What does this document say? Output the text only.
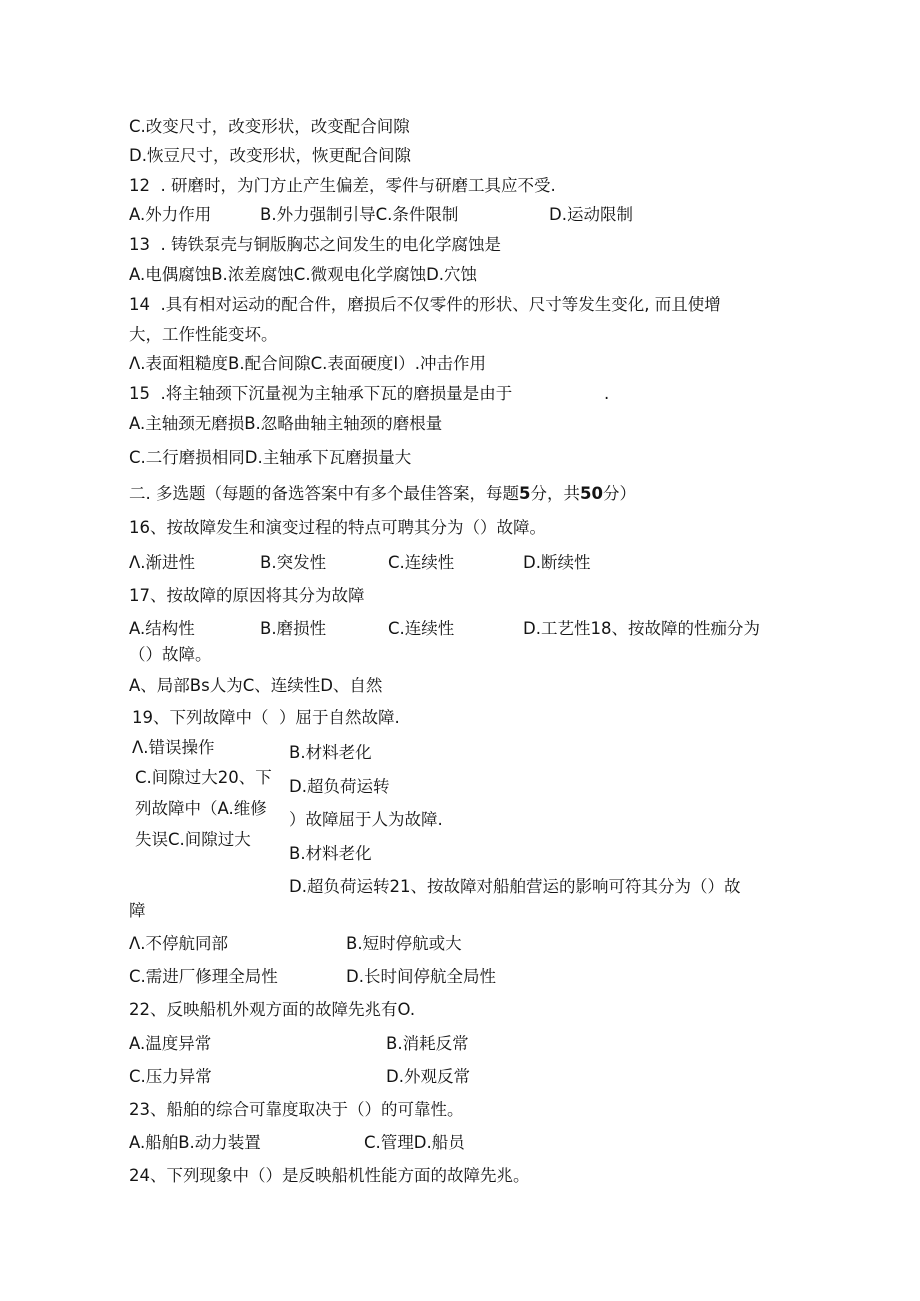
C.改变尺寸，改变形状，改变配合间隙
D.恢豆尺寸，改变形状，恢更配合间隙
12  . 研磨时，为门方止产生偏差，零件与研磨工具应不受.
A.外力作用	B.外力强制引导C.条件限制	D.运动限制
13  . 铸铁泵壳与铜版胸芯之间发生的电化学腐蚀是
A.电偶腐蚀B.浓差腐蚀C.微观电化学腐蚀D.穴蚀
14  .具有相对运动的配合件，磨损后不仅零件的形状、尺寸等发生变化, 而且使增
大，工作性能变坏。
Λ.表面粗糙度B.配合间隙C.表面硬度I）.冲击作用
15  .将主轴颈下沉量视为主轴承下瓦的磨损量是由于	.
A.主轴颈无磨损B.忽略曲轴主轴颈的磨根量
C.二行磨损相同D.主轴承下瓦磨损量大
二. 多选题（每题的备选答案中有多个最佳答案，每题5分，共50分）
16、按故障发生和演变过程的特点可聘其分为（）故障。
Λ.渐进性	B.突发性	C.连续性	D.断续性
17、按故障的原因将其分为故障
A.结构性	B.磨损性	C.连续性	D.工艺性18、按故障的性痂分为
（）故障。
A、局部Bs人为C、连续性D、自然
19、下列故障中（  ）屈于自然故障.
Λ.错误操作	B.材料老化
C.间隙过大20、下 D.超负荷运转
列故障中（A.维修
失误C.间隙过大
）故障屈于人为故障.
B.材料老化
D.超负荷运转21、按故障对船舶营运的影响可符其分为（）故
障
Λ.不停航同部	B.短时停航或大
C.需进厂修理全局性	D.长时间停航全局性
22、反映船机外观方面的故障先兆有O.
A.温度异常	B.消耗反常
C.压力异常	D.外观反常
23、船舶的综合可靠度取决于（）的可靠性。
A.船舶B.动力装置	C.管理D.船员
24、下列现象中（）是反映船机性能方面的故障先兆。
